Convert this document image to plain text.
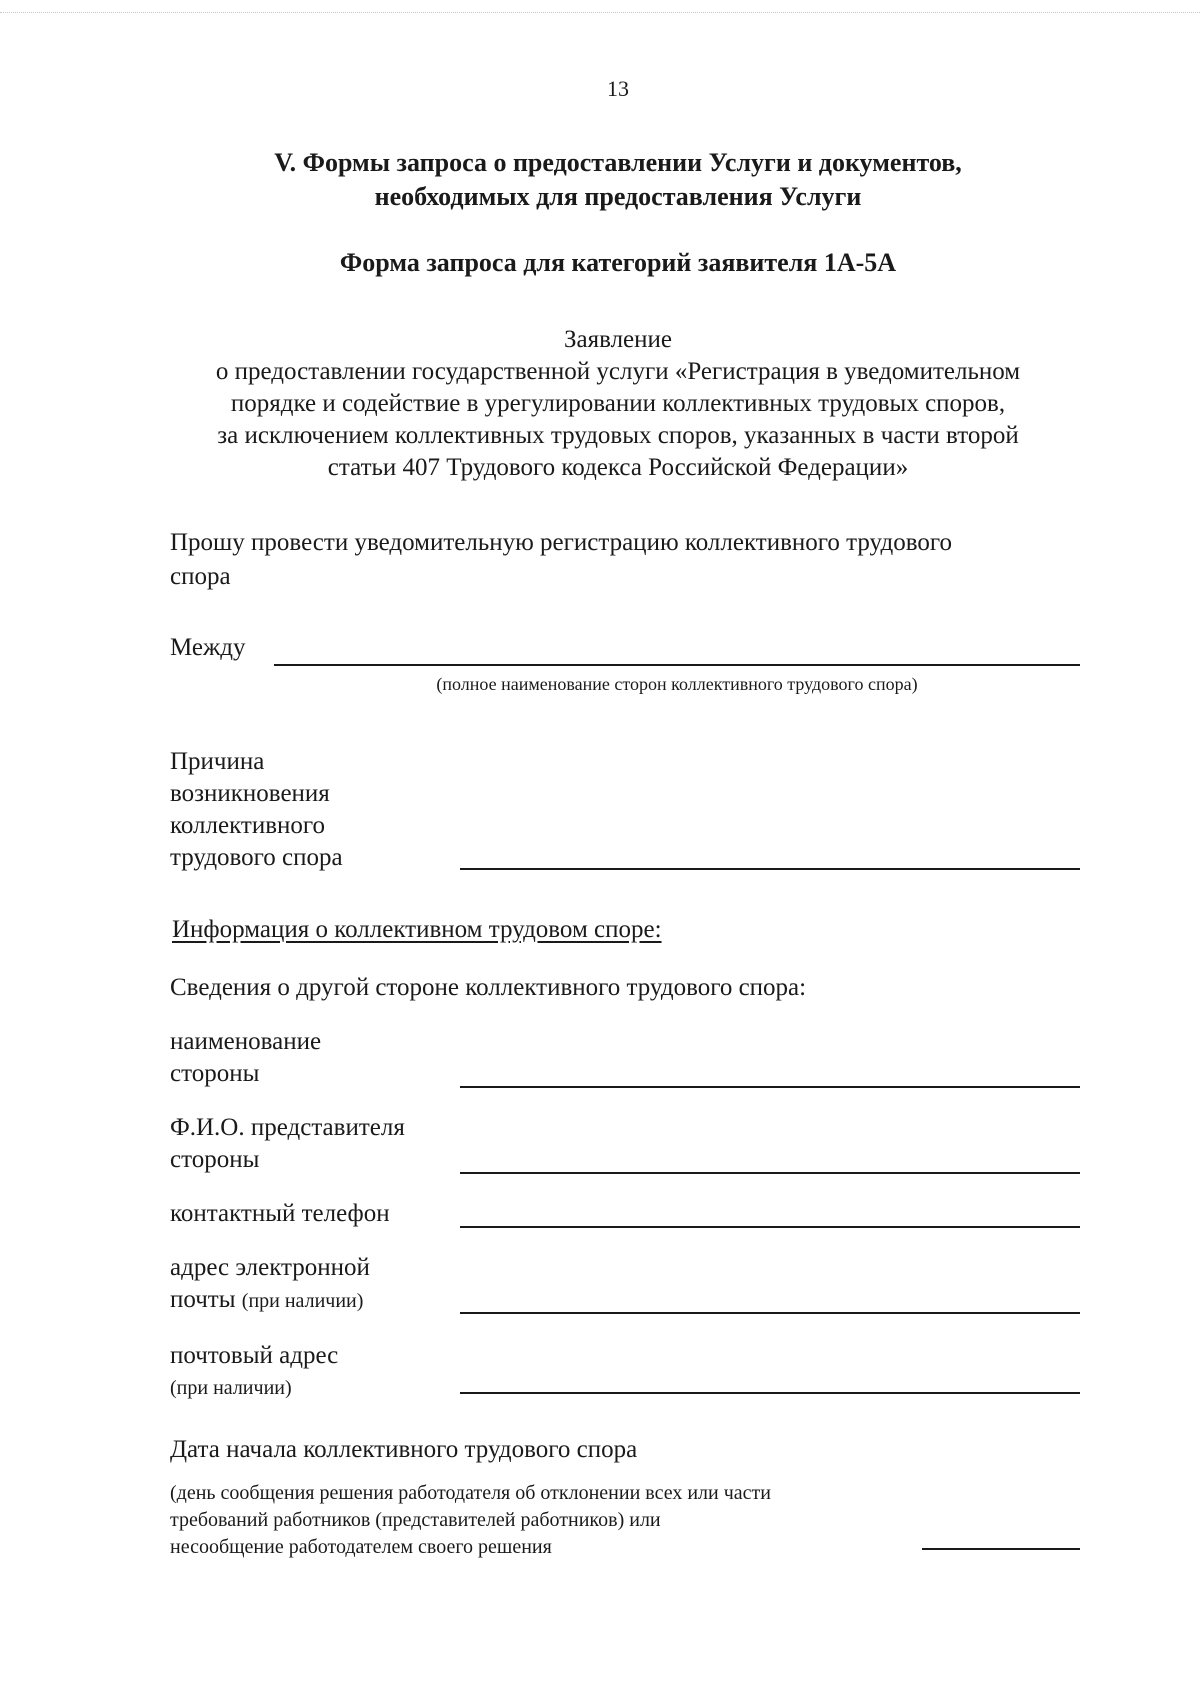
13
V. Формы запроса о предоставлении Услуги и документов,
необходимых для предоставления Услуги
Форма запроса для категорий заявителя 1А-5А
Заявление
о предоставлении государственной услуги «Регистрация в уведомительном
порядке и содействие в урегулировании коллективных трудовых споров,
за исключением коллективных трудовых споров, указанных в части второй
статьи 407 Трудового кодекса Российской Федерации»
Прошу провести уведомительную регистрацию коллективного трудового
спора
Между
(полное наименование сторон коллективного трудового спора)
Причина
возникновения
коллективного
трудового спора
Информация о коллективном трудовом споре:
Сведения о другой стороне коллективного трудового спора:
наименование
стороны
Ф.И.О. представителя
стороны
контактный телефон
адрес электронной
почты (при наличии)
почтовый адрес
(при наличии)
Дата начала коллективного трудового спора
(день сообщения решения работодателя об отклонении всех или части
требований работников (представителей работников) или
несообщение работодателем своего решения
